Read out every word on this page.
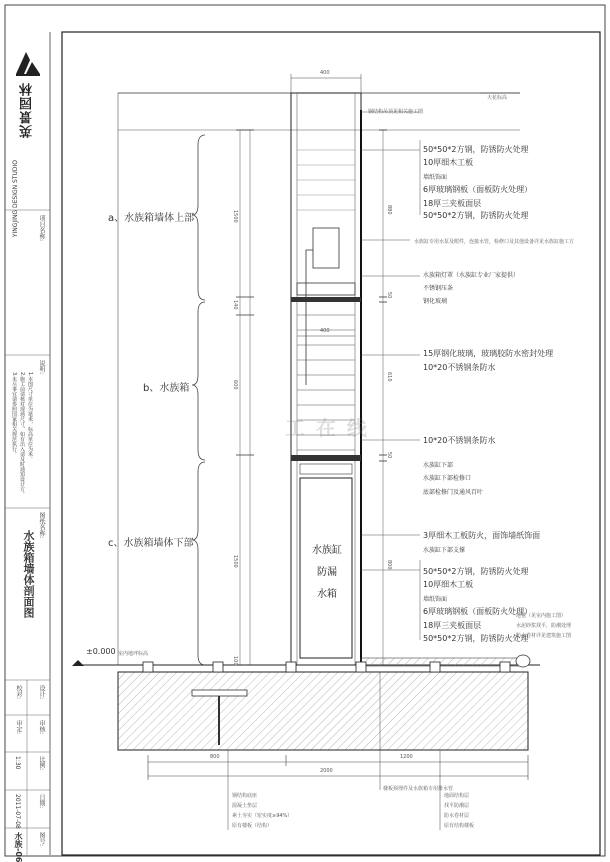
英景园林
YINGJING DESIGN STUDIO	项目名称:
说明:
1.本图尺寸单位为毫米，标高单位为米。
2.施工前请核对现场尺寸，如有出入请及时通知设计方。
3.未尽事宜请参照国家相关规范执行。
图纸名称:
水族箱墙体剖面图
设计:
校对:
审核:
审定:
比例:
1:30
日期:
2011-07-08
图号:
水族-06
a、水族箱墙体上部
b、水族箱
c、水族箱墙体下部
水族缸
防漏
水箱
±0.000 室内地坪标高
天花标高
钢结构吊顶见相关施工图
400
400
800	1200
2000
1500
140
600
1500
880
50
610
50
800
100
50*50*2方钢，防锈防火处理
10厚细木工板
墙纸饰面
6厚玻璃钢板（面板防火处理）
18厚三夹板面层
50*50*2方钢，防锈防火处理
水族缸专用水泵及附件，连接水管，检修口及其他设备详见水族缸施工方
水族箱灯罩（水族缸专业厂家提供）
不锈钢压条
钢化玻璃
15厚钢化玻璃，玻璃胶防水密封处理
10*20不锈钢条防水
10*20不锈钢条防水
水族缸下部
水族缸下部检修口
底部检修门及通风百叶
3厚细木工板防火，面饰墙纸饰面
水族缸下部支撑
50*50*2方钢，防锈防火处理
10厚细木工板
墙纸饰面
6厚玻璃钢板（面板防火处理）
18厚三夹板面层
50*50*2方钢，防锈防火处理
地毯（见室内施工图）
水泥砂浆找平，防潮处理
防水卷材详见建筑施工图
钢结构底座
混凝土垫层
素土夯实（密实度≥94%）
原有楼板（结构）
楼板预埋件及水族箱专用排水管
地面结构层
找平防潮层
防水卷材层
原有结构楼板
工 在 线
